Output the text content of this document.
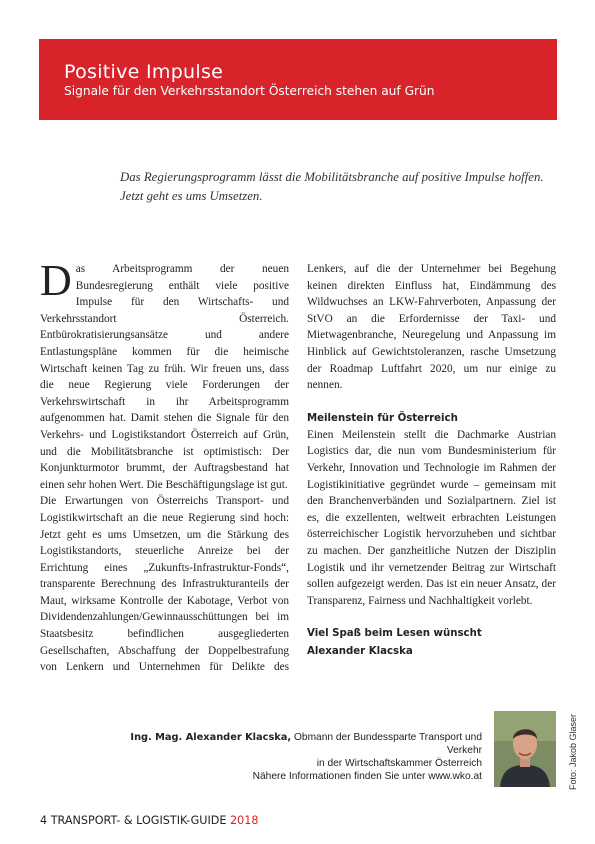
Positive Impulse
Signale für den Verkehrsstandort Österreich stehen auf Grün
Das Regierungsprogramm lässt die Mobilitätsbranche auf positive Impulse hoffen. Jetzt geht es ums Umsetzen.

Das Arbeitsprogramm der neuen Bundesregierung enthält viele positive Impulse für den Wirtschafts- und Verkehrsstandort Österreich. Entbürokratisierungsansätze und andere Entlastungspläne kommen für die heimische Wirtschaft keinen Tag zu früh. Wir freuen uns, dass die neue Regierung viele Forderungen der Verkehrswirtschaft in ihr Arbeitsprogramm aufgenommen hat. Damit stehen die Signale für den Verkehrs- und Logistikstandort Österreich auf Grün, und die Mobilitätsbranche ist optimistisch: Der Konjunkturmotor brummt, der Auftragsbestand hat einen sehr hohen Wert. Die Beschäftigungslage ist gut.

Die Erwartungen von Österreichs Transport- und Logistikwirtschaft an die neue Regierung sind hoch: Jetzt geht es ums Umsetzen, um die Stärkung des Logistikstandorts, steuerliche Anreize bei der Errichtung eines „Zukunfts-Infrastruktur-Fonds“, transparente Berechnung des Infrastrukturanteils der Maut, wirksame Kontrolle der Kabotage, Verbot von Dividendenzahlungen/Gewinnausschüttungen bei im Staatsbesitz befindlichen ausgegliederten Gesellschaften, Abschaffung der Doppelbestrafung von Lenkern und Unternehmen für Delikte des Lenkers, auf die der Unternehmer bei Begehung keinen direkten Einfluss hat, Eindämmung des Wildwuchses an LKW-Fahrverboten, Anpassung der StVO an die Erfordernisse der Taxi- und Mietwagenbranche, Neuregelung und Anpassung im Hinblick auf Gewichtstoleranzen, rasche Umsetzung der Roadmap Luftfahrt 2020, um nur einige zu nennen.

Meilenstein für Österreich

Einen Meilenstein stellt die Dachmarke Austrian Logistics dar, die nun vom Bundesministerium für Verkehr, Innovation und Technologie im Rahmen der Logistikinitiative gegründet wurde – gemeinsam mit den Branchenverbänden und Sozialpartnern. Ziel ist es, die exzellenten, weltweit erbrachten Leistungen österreichischer Logistik hervorzuheben und sichtbar zu machen. Der ganzheitliche Nutzen der Disziplin Logistik und ihr vernetzender Beitrag zur Wirtschaft sollen aufgezeigt werden. Das ist ein neuer Ansatz, der Transparenz, Fairness und Nachhaltigkeit vorlebt.

Viel Spaß beim Lesen wünscht
Alexander Klacska
Ing. Mag. Alexander Klacska, Obmann der Bundessparte Transport und Verkehr
in der Wirtschaftskammer Österreich
Nähere Informationen finden Sie unter www.wko.at	Foto: Jakob Glaser
4 TRANSPORT- & LOGISTIK-GUIDE 2018
